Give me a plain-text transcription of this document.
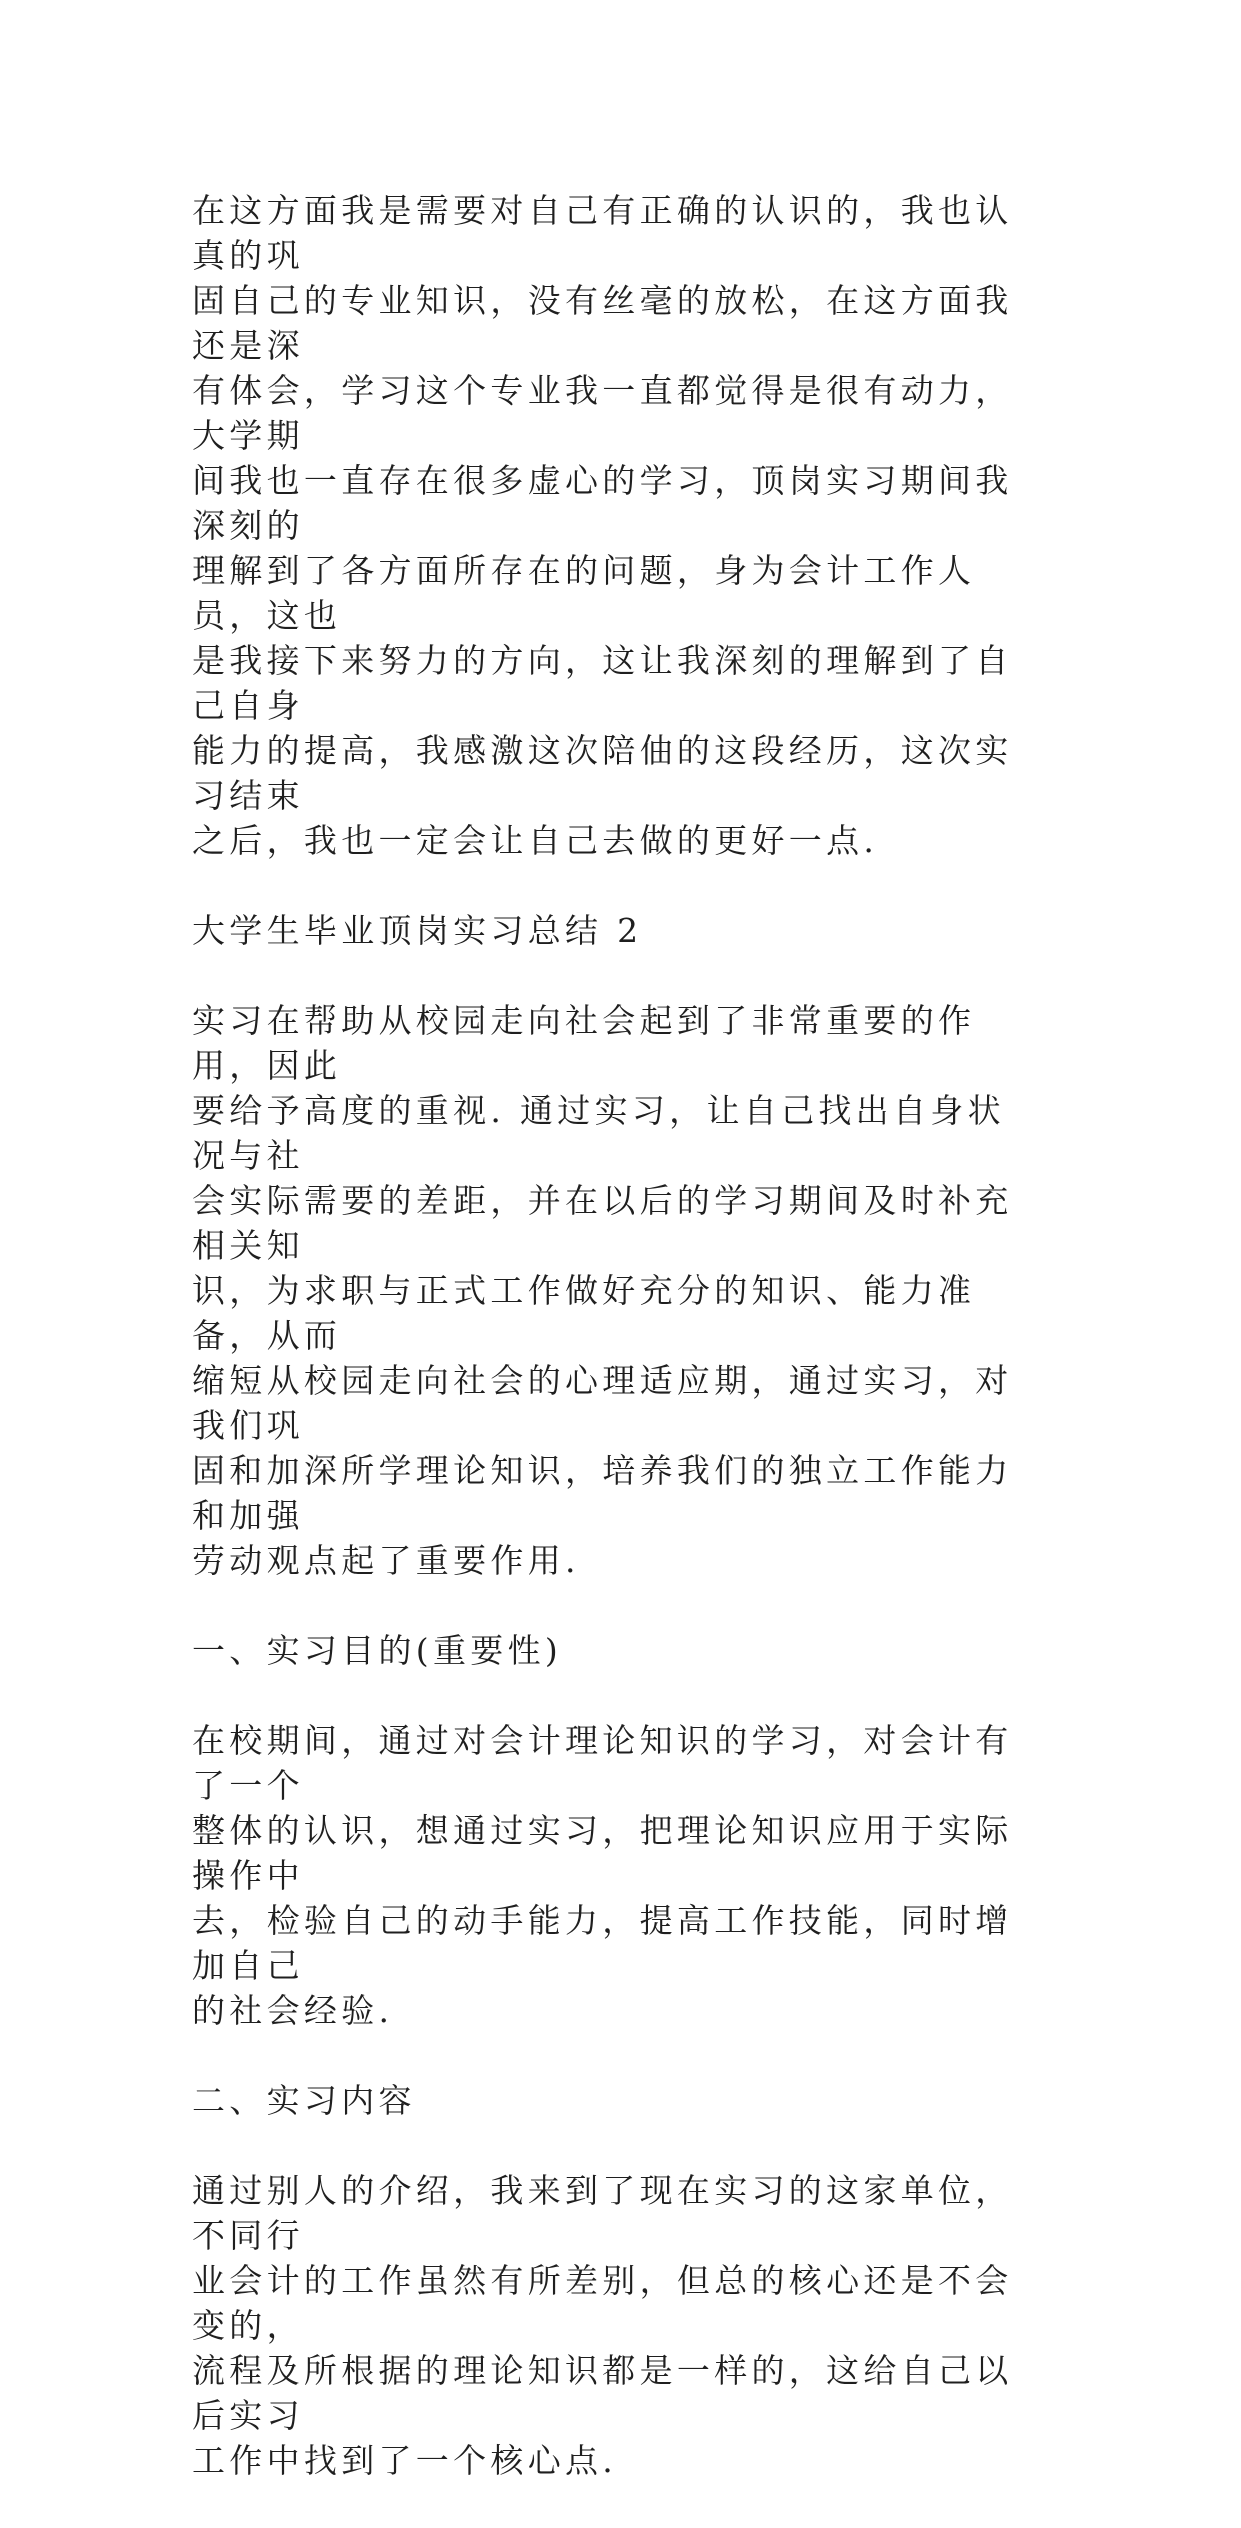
在这方面我是需要对自己有正确的认识的，我也认真的巩
固自己的专业知识，没有丝毫的放松，在这方面我还是深
有体会，学习这个专业我一直都觉得是很有动力，大学期
间我也一直存在很多虚心的学习，顶岗实习期间我深刻的
理解到了各方面所存在的问题，身为会计工作人员，这也
是我接下来努力的方向，这让我深刻的理解到了自己自身
能力的提高，我感激这次陪伷的这段经历，这次实习结束
之后，我也一定会让自己去做的更好一点.

大学生毕业顶岗实习总结 2

实习在帮助从校园走向社会起到了非常重要的作用，因此
要给予高度的重视. 通过实习，让自己找出自身状况与社
会实际需要的差距，并在以后的学习期间及时补充相关知
识，为求职与正式工作做好充分的知识、能力准备，从而
缩短从校园走向社会的心理适应期，通过实习，对我们巩
固和加深所学理论知识，培养我们的独立工作能力和加强
劳动观点起了重要作用.

一、实习目的(重要性)

在校期间，通过对会计理论知识的学习，对会计有了一个
整体的认识，想通过实习，把理论知识应用于实际操作中
去，检验自己的动手能力，提高工作技能，同时增加自己
的社会经验.

二、实习内容

通过别人的介绍，我来到了现在实习的这家单位，不同行
业会计的工作虽然有所差别，但总的核心还是不会变的，
流程及所根据的理论知识都是一样的，这给自己以后实习
工作中找到了一个核心点.
